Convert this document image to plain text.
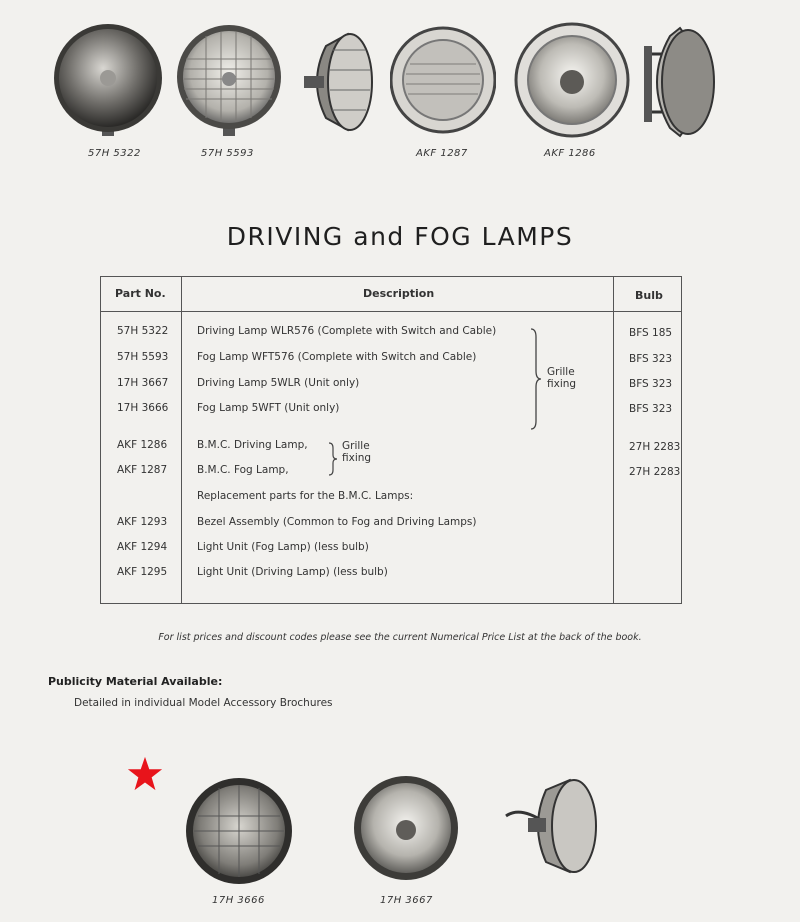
57H 5322	57H 5593	AKF 1287	AKF 1286
DRIVING and FOG LAMPS
Part No.	Description	Bulb
57H 5322	Driving Lamp WLR576 (Complete with Switch and Cable)	BFS 185
57H 5593	Fog Lamp WFT576 (Complete with Switch and Cable)	BFS 323
17H 3667	Driving Lamp 5WLR (Unit only)	BFS 323
17H 3666	Fog Lamp 5WFT (Unit only)	BFS 323
Grille
fixing
AKF 1286	B.M.C. Driving Lamp,	27H 2283
AKF 1287	B.M.C. Fog Lamp,	27H 2283
Grille
fixing
Replacement parts for the B.M.C. Lamps:
AKF 1293	Bezel Assembly (Common to Fog and Driving Lamps)
AKF 1294	Light Unit (Fog Lamp) (less bulb)
AKF 1295	Light Unit (Driving Lamp) (less bulb)
For list prices and discount codes please see the current Numerical Price List at the back of the book.
Publicity Material Available:
Detailed in individual Model Accessory Brochures
17H 3666	17H 3667
